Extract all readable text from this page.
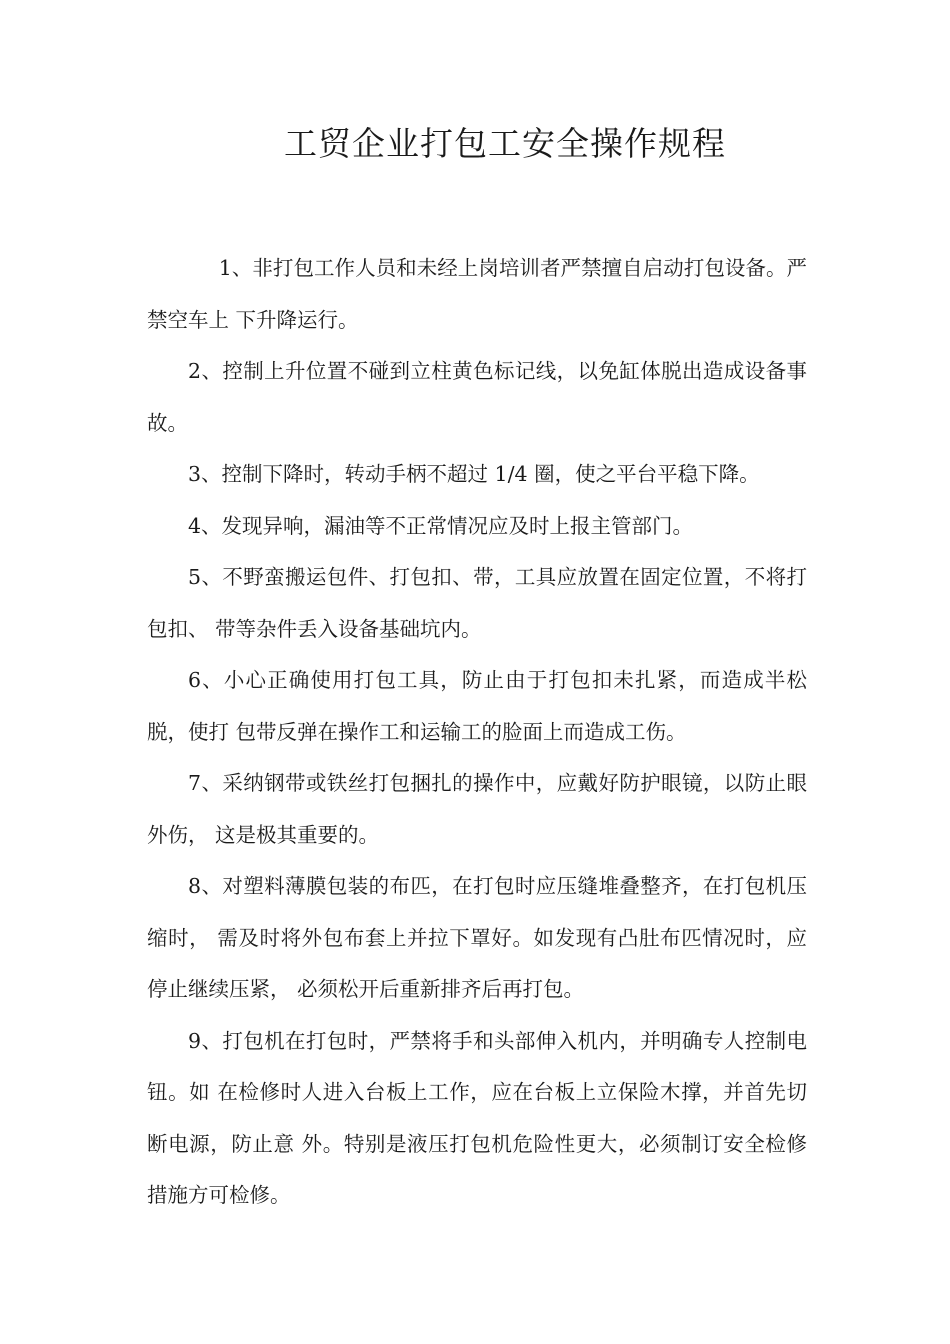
工贸企业打包工安全操作规程

1、非打包工作人员和未经上岗培训者严禁擅自启动打包设备。严禁空车上 下升降运行。

2、控制上升位置不碰到立柱黄色标记线，以免缸体脱出造成设备事故。

3、控制下降时，转动手柄不超过 1/4 圈，使之平台平稳下降。

4、发现异响，漏油等不正常情况应及时上报主管部门。

5、不野蛮搬运包件、打包扣、带，工具应放置在固定位置，不将打包扣、 带等杂件丢入设备基础坑内。

6、小心正确使用打包工具，防止由于打包扣未扎紧，而造成半松脱，使打 包带反弹在操作工和运输工的脸面上而造成工伤。

7、采纳钢带或铁丝打包捆扎的操作中，应戴好防护眼镜，以防止眼外伤， 这是极其重要的。

8、对塑料薄膜包装的布匹，在打包时应压缝堆叠整齐，在打包机压缩时， 需及时将外包布套上并拉下罩好。如发现有凸肚布匹情况时，应停止继续压紧， 必须松开后重新排齐后再打包。

9、打包机在打包时，严禁将手和头部伸入机内，并明确专人控制电钮。如 在检修时人进入台板上工作，应在台板上立保险木撑，并首先切断电源，防止意 外。特别是液压打包机危险性更大，必须制订安全检修措施方可检修。
